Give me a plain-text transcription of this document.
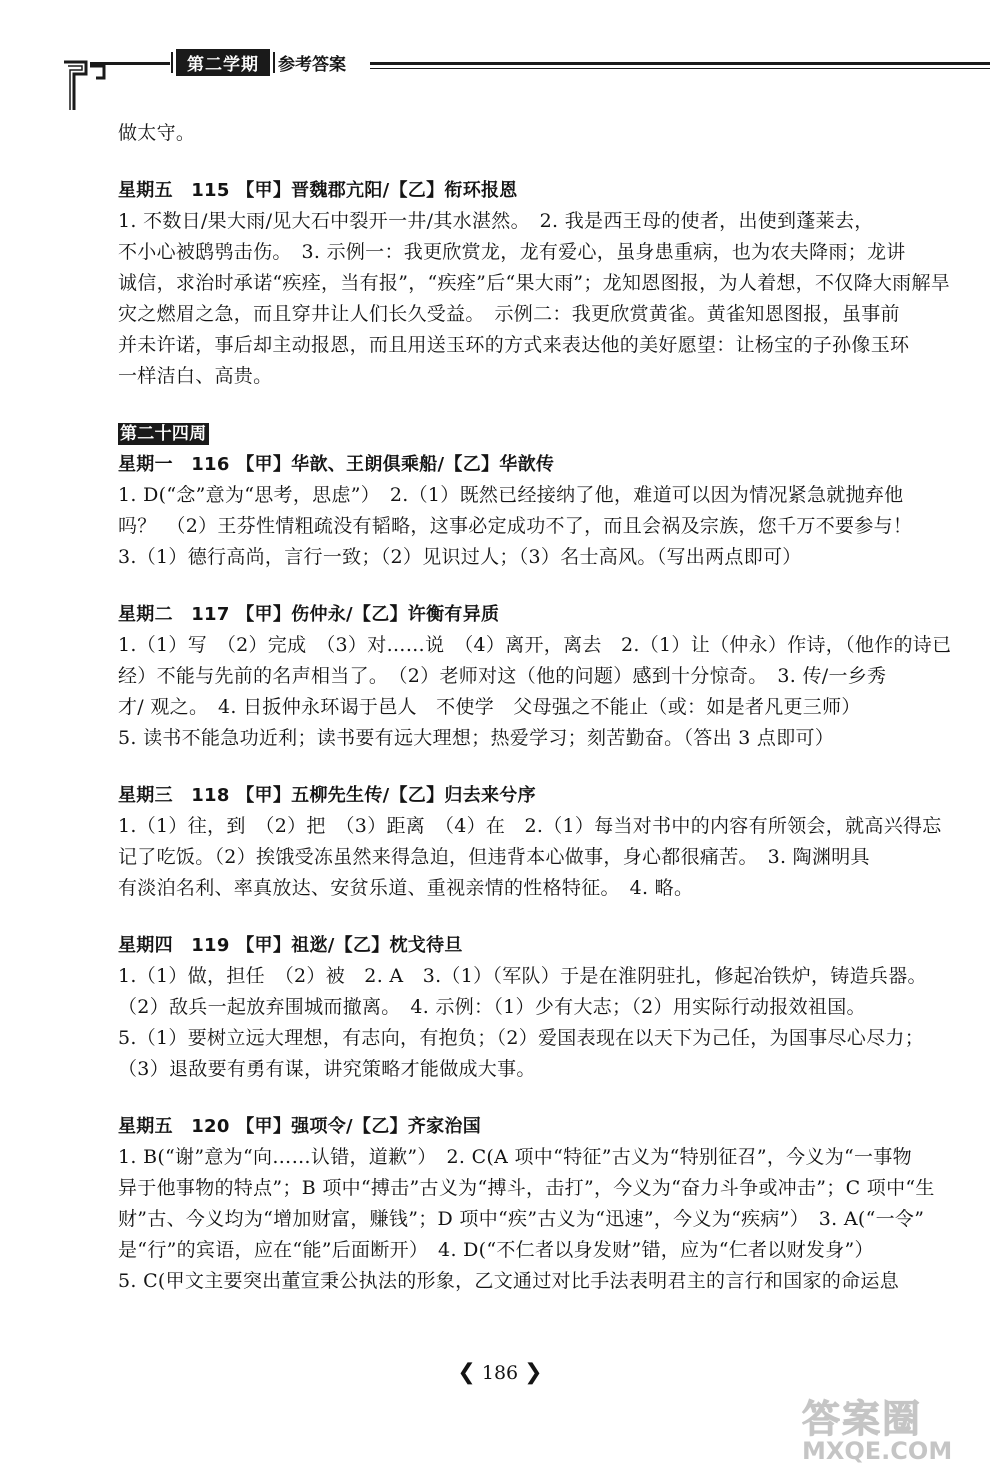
第二学期	参考答案
做太守。
星期五　115 【甲】晋魏郡亢阳/【乙】衔环报恩
1. 不数日/果大雨/见大石中裂开一井/其水湛然。　2. 我是西王母的使者，出使到蓬莱去，
不小心被鸱鸮击伤。　3. 示例一：我更欣赏龙，龙有爱心，虽身患重病，也为农夫降雨；龙讲
诚信，求治时承诺“疾痊，当有报”，“疾痊”后“果大雨”；龙知恩图报，为人着想，不仅降大雨解旱
灾之燃眉之急，而且穿井让人们长久受益。　示例二：我更欣赏黄雀。黄雀知恩图报，虽事前
并未许诺，事后却主动报恩，而且用送玉环的方式来表达他的美好愿望：让杨宝的子孙像玉环
一样洁白、高贵。
第二十四周
星期一　116 【甲】华歆、王朗俱乘船/【乙】华歆传
1. D(“念”意为“思考，思虑”）　2.（1）既然已经接纳了他，难道可以因为情况紧急就抛弃他
吗？　（2）王芬性情粗疏没有韬略，这事必定成功不了，而且会祸及宗族，您千万不要参与！
3.（1）德行高尚，言行一致；（2）见识过人；（3）名士高风。（写出两点即可）
星期二　117 【甲】伤仲永/【乙】许衡有异质
1.（1）写　（2）完成　（3）对……说　（4）离开，离去　2.（1）让（仲永）作诗，（他作的诗已
经）不能与先前的名声相当了。　（2）老师对这（他的问题）感到十分惊奇。　3. 传/一乡秀
才/ 观之。　4. 日扳仲永环谒于邑人　不使学　父母强之不能止（或：如是者凡更三师）
5. 读书不能急功近利；读书要有远大理想；热爱学习；刻苦勤奋。（答出 3 点即可）
星期三　118 【甲】五柳先生传/【乙】归去来兮序
1.（1）往，到　（2）把　（3）距离　（4）在　2.（1）每当对书中的内容有所领会，就高兴得忘
记了吃饭。（2）挨饿受冻虽然来得急迫，但违背本心做事，身心都很痛苦。　3. 陶渊明具
有淡泊名利、率真放达、安贫乐道、重视亲情的性格特征。　4. 略。
星期四　119 【甲】祖逖/【乙】枕戈待旦
1.（1）做，担任　（2）被　2. A　3.（1）（军队）于是在淮阴驻扎，修起冶铁炉，铸造兵器。
（2）敌兵一起放弃围城而撤离。　4. 示例：（1）少有大志；（2）用实际行动报效祖国。
5.（1）要树立远大理想，有志向，有抱负；（2）爱国表现在以天下为己任，为国事尽心尽力；
（3）退敌要有勇有谋，讲究策略才能做成大事。
星期五　120 【甲】强项令/【乙】齐家治国
1. B(“谢”意为“向……认错，道歉”）　2. C(A 项中“特征”古义为“特别征召”，今义为“一事物
异于他事物的特点”；B 项中“搏击”古义为“搏斗，击打”，今义为“奋力斗争或冲击”；C 项中“生
财”古、今义均为“增加财富，赚钱”；D 项中“疾”古义为“迅速”，今义为“疾病”）　3. A(“一令”
是“行”的宾语，应在“能”后面断开）　4. D(“不仁者以身发财”错，应为“仁者以财发身”）
5. C(甲文主要突出董宣秉公执法的形象，乙文通过对比手法表明君主的言行和国家的命运息
❮ 186 ❯
答案圈
MXQE.COM
